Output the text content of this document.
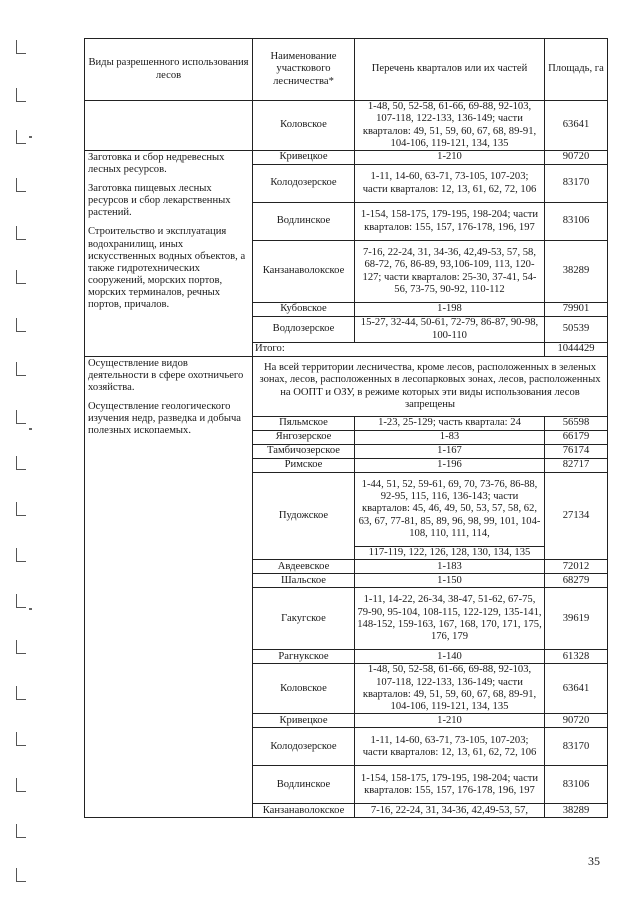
Виды разрешенного использования лесов	Наименование участкового лесничества*	Перечень кварталов или их частей	Площадь, га
	Коловское	1-48, 50, 52-58, 61-66, 69-88, 92-103, 107-118, 122-133, 136-149; части кварталов: 49, 51, 59, 60, 67, 68, 89-91, 104-106, 119-121, 134, 135	63641

Заготовка и сбор недревесных лесных ресурсов.

Заготовка пищевых лесных ресурсов и сбор лекарственных растений.

Строительство и эксплуатация водохранилищ, иных искусственных водных объектов, а также гидротехнических сооружений, морских портов, морских терминалов, речных портов, причалов.	Кривецкое	1-210	90720
	Колодозерское	1-11, 14-60, 63-71, 73-105, 107-203; части кварталов: 12, 13, 61, 62, 72, 106	83170
	Водлинское	1-154, 158-175, 179-195, 198-204; части кварталов: 155, 157, 176-178, 196, 197	83106
	Канзанаволокское	7-16, 22-24, 31, 34-36, 42,49-53, 57, 58, 68-72, 76, 86-89, 93,106-109, 113, 120-127; части кварталов: 25-30, 37-41, 54-56, 73-75, 90-92, 110-112	38289
	Кубовское	1-198	79901
	Водлозерское	15-27, 32-44, 50-61, 72-79, 86-87, 90-98, 100-110	50539
	Итого:		1044429

Осуществление видов деятельности в сфере охотничьего хозяйства.

Осуществление геологического изучения недр, разведка и добыча полезных ископаемых.	На всей территории лесничества, кроме лесов, расположенных в зеленых зонах, лесов, расположенных в лесопарковых зонах, лесов, расположенных на ООПТ и ОЗУ, в режиме которых эти виды использования лесов запрещены		
	Пяльмское	1-23, 25-129; часть квартала: 24	56598
	Янгозерское	1-83	66179
	Тамбичозерское	1-167	76174
	Римское	1-196	82717
	Пудожское	1-44, 51, 52, 59-61, 69, 70, 73-76, 86-88, 92-95, 115, 116, 136-143; части кварталов: 45, 46, 49, 50, 53, 57, 58, 62, 63, 67, 77-81, 85, 89, 96, 98, 99, 101, 104-108, 110, 111, 114,	27134
		117-119, 122, 126, 128, 130, 134, 135	
	Авдеевское	1-183	72012
	Шальское	1-150	68279
	Гакугское	1-11, 14-22, 26-34, 38-47, 51-62, 67-75, 79-90, 95-104, 108-115, 122-129, 135-141, 148-152, 159-163, 167, 168, 170, 171, 175, 176, 179	39619
	Рагнукское	1-140	61328
	Коловское	1-48, 50, 52-58, 61-66, 69-88, 92-103, 107-118, 122-133, 136-149; части кварталов: 49, 51, 59, 60, 67, 68, 89-91, 104-106, 119-121, 134, 135	63641
	Кривецкое	1-210	90720
	Колодозерское	1-11, 14-60, 63-71, 73-105, 107-203; части кварталов: 12, 13, 61, 62, 72, 106	83170
	Водлинское	1-154, 158-175, 179-195, 198-204; части кварталов: 155, 157, 176-178, 196, 197	83106
	Канзанаволокское	7-16, 22-24, 31, 34-36, 42,49-53, 57,	38289
35
